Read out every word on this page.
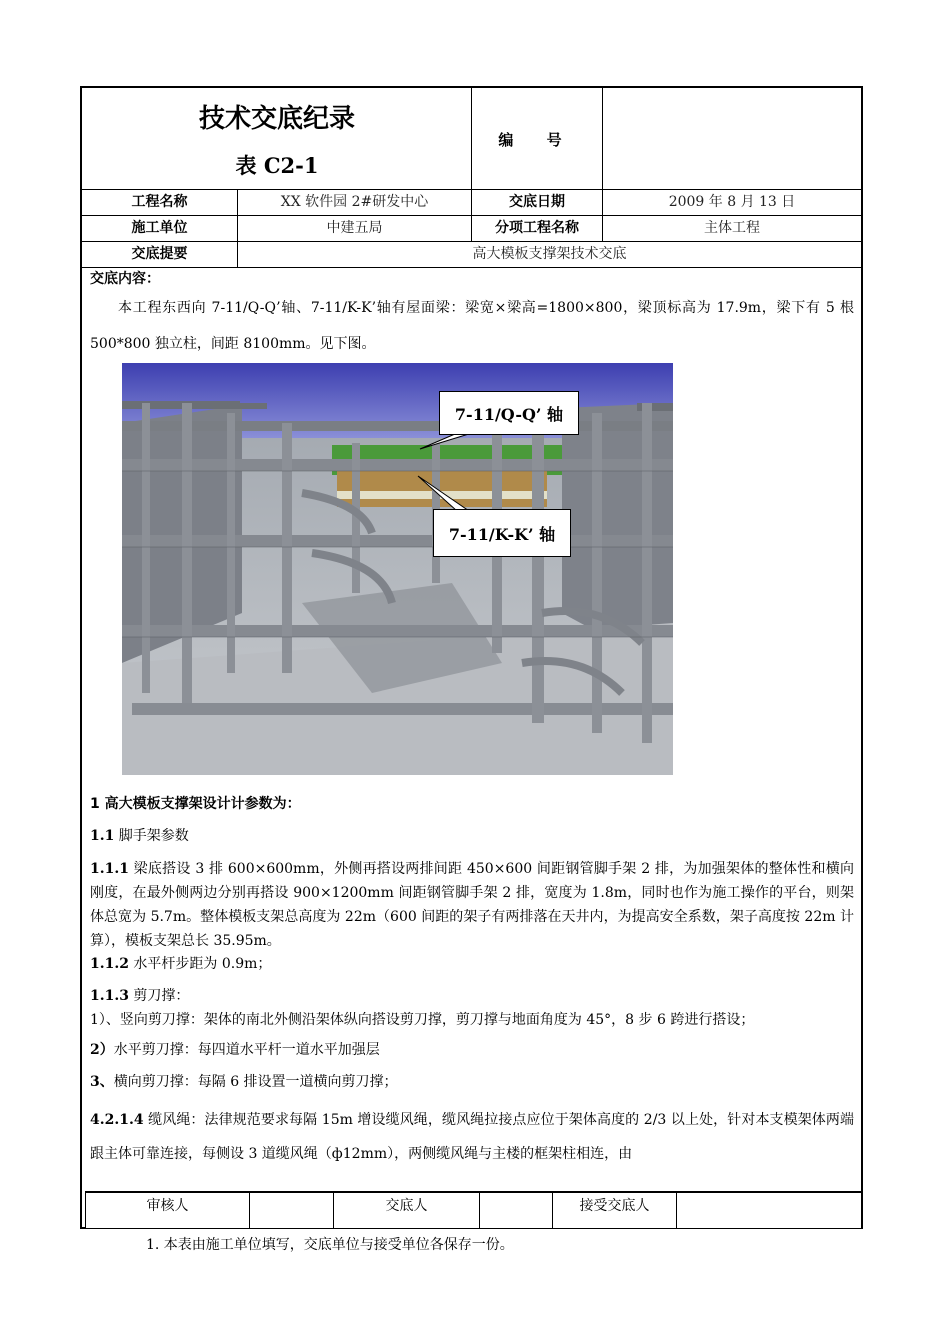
技术交底纪录
表 C2-1
编 号
工程名称	XX 软件园 2#研发中心	交底日期	2009 年 8 月 13 日
施工单位	中建五局	分项工程名称	主体工程
交底提要	高大模板支撑架技术交底
交底内容：

本工程东西向 7-11/Q-Q’轴、7-11/K-K’轴有屋面梁：梁宽×梁高=1800×800，梁顶标高为 17.9m，梁下有 5 根 500*800 独立柱，间距 8100mm。见下图。

7-11/Q-Q’ 轴
7-11/K-K’ 轴

1 高大模板支撑架设计计参数为：

1.1 脚手架参数

1.1.1 梁底搭设 3 排 600×600mm，外侧再搭设两排间距 450×600 间距钢管脚手架 2 排，为加强架体的整体性和横向刚度，在最外侧两边分别再搭设 900×1200mm 间距钢管脚手架 2 排，宽度为 1.8m，同时也作为施工操作的平台，则架体总宽为 5.7m。整体模板支架总高度为 22m（600 间距的架子有两排落在天井内，为提高安全系数，架子高度按 22m 计算），模板支架总长 35.95m。

1.1.2 水平杆步距为 0.9m；

1.1.3 剪刀撑：

1）、竖向剪刀撑：架体的南北外侧沿架体纵向搭设剪刀撑，剪刀撑与地面角度为 45°，8 步 6 跨进行搭设；

2）水平剪刀撑：每四道水平杆一道水平加强层

3、横向剪刀撑：每隔 6 排设置一道横向剪刀撑；

4.2.1.4 缆风绳：法律规范要求每隔 15m 增设缆风绳，缆风绳拉接点应位于架体高度的 2/3 以上处，针对本支模架体两端跟主体可靠连接，每侧设 3 道缆风绳（ф12mm），两侧缆风绳与主楼的框架柱相连，由

审核人	交底人	接受交底人
1. 本表由施工单位填写，交底单位与接受单位各保存一份。
